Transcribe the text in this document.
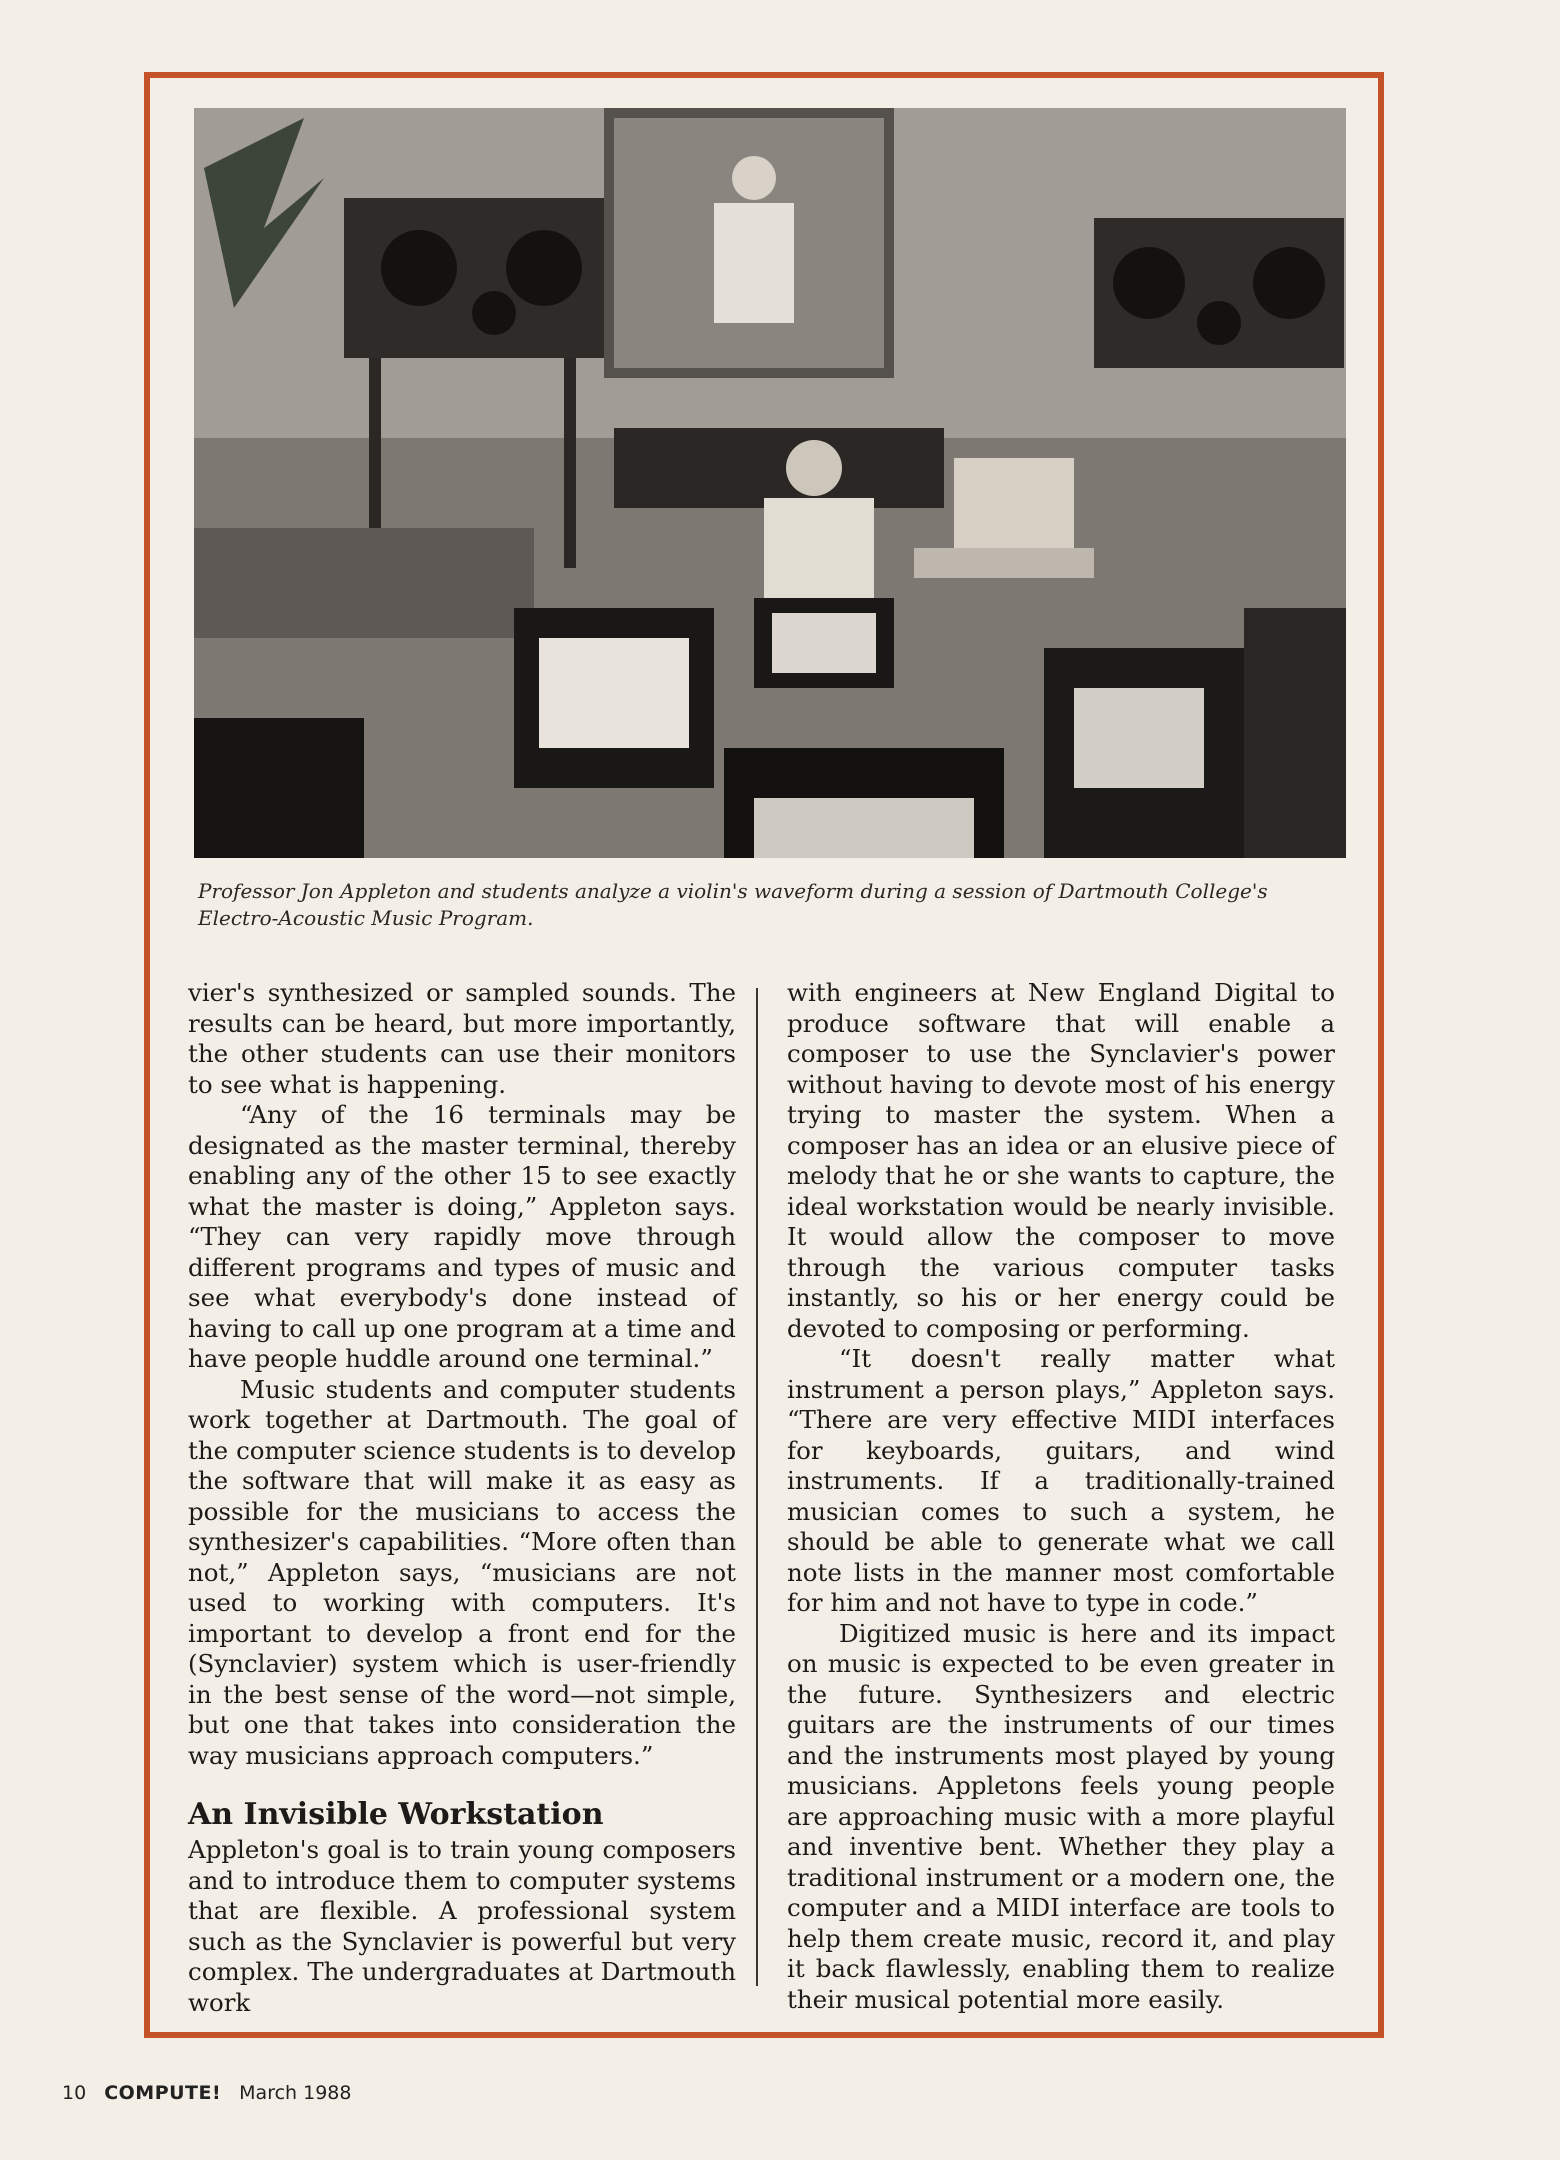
Professor Jon Appleton and students analyze a violin's waveform during a session of Dartmouth College's Electro-Acoustic Music Program.

vier's synthesized or sampled sounds. The results can be heard, but more importantly, the other students can use their monitors to see what is happening.

“Any of the 16 terminals may be designated as the master terminal, thereby enabling any of the other 15 to see exactly what the master is doing,” Appleton says. “They can very rapidly move through different programs and types of music and see what everybody's done instead of having to call up one program at a time and have people huddle around one terminal.”

Music students and computer students work together at Dartmouth. The goal of the computer science students is to develop the software that will make it as easy as possible for the musicians to access the synthesizer's capabilities. “More often than not,” Appleton says, “musicians are not used to working with computers. It's important to develop a front end for the (Synclavier) system which is user-friendly in the best sense of the word—not simple, but one that takes into consideration the way musicians approach computers.”

An Invisible Workstation

Appleton's goal is to train young composers and to introduce them to computer systems that are flexible. A professional system such as the Synclavier is powerful but very complex. The undergraduates at Dartmouth work

with engineers at New England Digital to produce software that will enable a composer to use the Synclavier's power without having to devote most of his energy trying to master the system. When a composer has an idea or an elusive piece of melody that he or she wants to capture, the ideal workstation would be nearly invisible. It would allow the composer to move through the various computer tasks instantly, so his or her energy could be devoted to composing or performing.

“It doesn't really matter what instrument a person plays,” Appleton says. “There are very effective MIDI interfaces for keyboards, guitars, and wind instruments. If a traditionally-trained musician comes to such a system, he should be able to generate what we call note lists in the manner most comfortable for him and not have to type in code.”

Digitized music is here and its impact on music is expected to be even greater in the future. Synthesizers and electric guitars are the instruments of our times and the instruments most played by young musicians. Appletons feels young people are approaching music with a more playful and inventive bent. Whether they play a traditional instrument or a modern one, the computer and a MIDI interface are tools to help them create music, record it, and play it back flawlessly, enabling them to realize their musical potential more easily.

10 COMPUTE! March 1988
